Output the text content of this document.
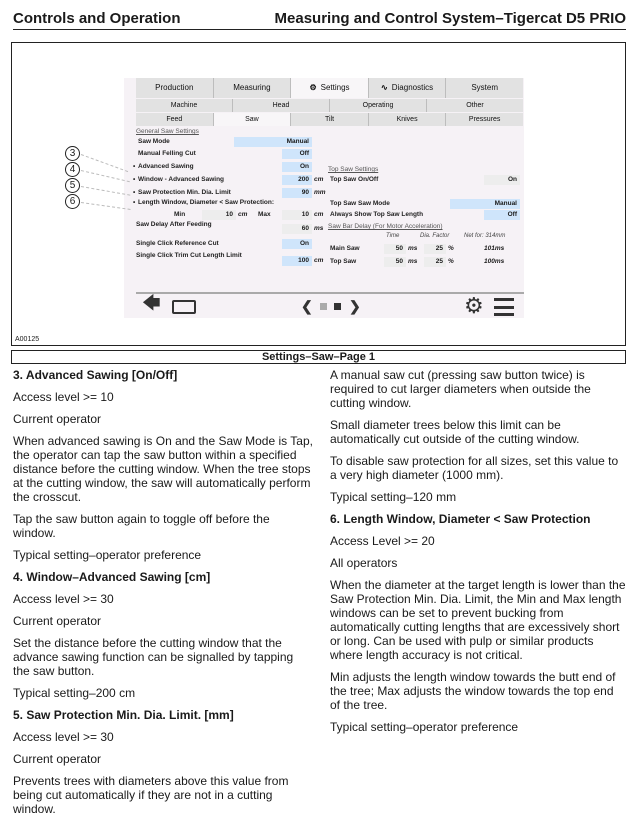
Controls and Operation	Measuring and Control System–Tigercat D5 PRIO
Production	Measuring	⚙ Settings	∿ Diagnostics	System
Machine	Head	Operating	Other
Feed	Saw	Tilt	Knives	Pressures
General Saw Settings
Saw Mode	Manual
Manual Felling Cut	Off
• Advanced Sawing	On
• Window - Advanced Sawing	200 cm
• Saw Protection Min. Dia. Limit	90 mm
• Length Window, Diameter < Saw Protection:
Min	10 cm Max	10 cm
Saw Delay After Feeding
60 ms
Single Click Reference Cut	On
Single Click Trim Cut Length Limit
100 cm
Top Saw Settings
Top Saw On/Off	On
Top Saw Saw Mode	Manual
Always Show Top Saw Length	Off
Saw Bar Delay (For Motor Acceleration)
Time	Dia. Factor Net for: 314mm
Main Saw	50 ms	25 %	101ms
Top Saw	50 ms	25 %	100ms
🡄	❮	❯	⚙
3
4
5
6
A00125
Settings–Saw–Page 1
3. Advanced Sawing [On/Off]

Access level >= 10

Current operator

When advanced sawing is On and the Saw Mode is Tap, the operator can tap the saw button within a specified distance before the cutting window. When the tree stops at the cutting window, the saw will automatically perform the crosscut.

Tap the saw button again to toggle off before the window.

Typical setting–operator preference

4. Window–Advanced Sawing [cm]

Access level >= 30

Current operator

Set the distance before the cutting window that the advance sawing function can be signalled by tapping the saw button.

Typical setting–200 cm

5. Saw Protection Min. Dia. Limit. [mm]

Access level >= 30

Current operator

Prevents trees with diameters above this value from being cut automatically if they are not in a cutting window.

A manual saw cut (pressing saw button twice) is required to cut larger diameters when outside the cutting window.

Small diameter trees below this limit can be automatically cut outside of the cutting window.

To disable saw protection for all sizes, set this value to a very high diameter (1000 mm).

Typical setting–120 mm

6. Length Window, Diameter < Saw Protection

Access Level >= 20

All operators

When the diameter at the target length is lower than the Saw Protection Min. Dia. Limit, the Min and Max length windows can be set to prevent bucking from automatically cutting lengths that are excessively short or long. Can be used with pulp or similar products where length accuracy is not critical.

Min adjusts the length window towards the butt end of the tree; Max adjusts the window towards the top end of the tree.

Typical setting–operator preference
